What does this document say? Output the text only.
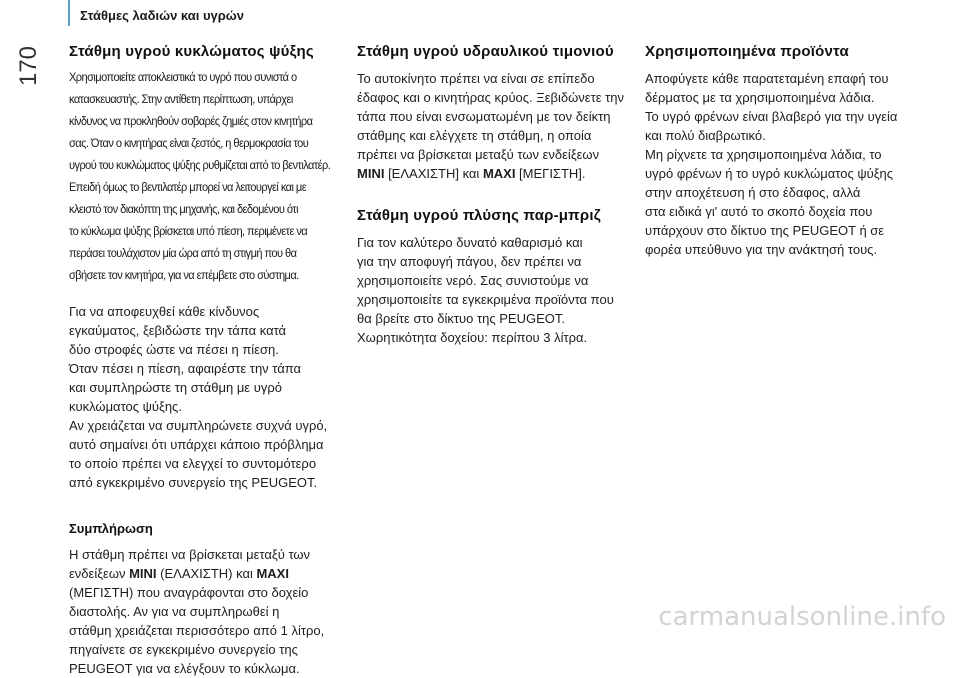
170
Στάθμες λαδιών και υγρών
Στάθμη υγρού κυκλώματος ψύξης
Χρησιμοποιείτε αποκλειστικά το υγρό που συνιστά ο
κατασκευαστής. Στην αντίθετη περίπτωση, υπάρχει
κίνδυνος να προκληθούν σοβαρές ζημιές στον κινητήρα
σας. Όταν ο κινητήρας είναι ζεστός, η θερμοκρασία του
υγρού του κυκλώματος ψύξης ρυθμίζεται από το βεντιλατέρ.
Επειδή όμως το βεντιλατέρ μπορεί να λειτουργεί και με
κλειστό τον διακόπτη της μηχανής, και δεδομένου ότι
το κύκλωμα ψύξης βρίσκεται υπό πίεση, περιμένετε να
περάσει τουλάχιστον μία ώρα από τη στιγμή που θα
σβήσετε τον κινητήρα, για να επέμβετε στο σύστημα.
Για να αποφευχθεί κάθε κίνδυνος
εγκαύματος, ξεβιδώστε την τάπα κατά
δύο στροφές ώστε να πέσει η πίεση.
Όταν πέσει η πίεση, αφαιρέστε την τάπα
και συμπληρώστε τη στάθμη με υγρό
κυκλώματος ψύξης.
Αν χρειάζεται να συμπληρώνετε συχνά υγρό,
αυτό σημαίνει ότι υπάρχει κάποιο πρόβλημα
το οποίο πρέπει να ελεγχεί το συντομότερο
από εγκεκριμένο συνεργείο της PEUGEOT.
Συμπλήρωση
Η στάθμη πρέπει να βρίσκεται μεταξύ των
ενδείξεων MINI (ΕΛΑΧΙΣΤΗ) και MAXI
(ΜΕΓΙΣΤΗ) που αναγράφονται στο δοχείο
διαστολής. Αν για να συμπληρωθεί η
στάθμη χρειάζεται περισσότερο από 1 λίτρο,
πηγαίνετε σε εγκεκριμένο συνεργείο της
PEUGEOT για να ελέγξουν το κύκλωμα.
Στάθμη υγρού υδραυλικού τιμονιού
Το αυτοκίνητο πρέπει να είναι σε επίπεδο
έδαφος και ο κινητήρας κρύος. Ξεβιδώνετε την
τάπα που είναι ενσωματωμένη με τον δείκτη
στάθμης και ελέγχετε τη στάθμη, η οποία
πρέπει να βρίσκεται μεταξύ των ενδείξεων
MINI [ΕΛΑΧΙΣΤΗ] και MAXI [ΜΕΓΙΣΤΗ].
Στάθμη υγρού πλύσης παρ-μπριζ
Για τον καλύτερο δυνατό καθαρισμό και
για την αποφυγή πάγου, δεν πρέπει να
χρησιμοποιείτε νερό. Σας συνιστούμε να
χρησιμοποιείτε τα εγκεκριμένα προϊόντα που
θα βρείτε στο δίκτυο της PEUGEOT.
Χωρητικότητα δοχείου: περίπου 3 λίτρα.
Χρησιμοποιημένα προϊόντα
Αποφύγετε κάθε παρατεταμένη επαφή του
δέρματος με τα χρησιμοποιημένα λάδια.
Το υγρό φρένων είναι βλαβερό για την υγεία
και πολύ διαβρωτικό.
Μη ρίχνετε τα χρησιμοποιημένα λάδια, το
υγρό φρένων ή το υγρό κυκλώματος ψύξης
στην αποχέτευση ή στο έδαφος, αλλά
στα ειδικά γι' αυτό το σκοπό δοχεία που
υπάρχουν στο δίκτυο της PEUGEOT ή σε
φορέα υπεύθυνο για την ανάκτησή τους.
carmanualsonline.info
